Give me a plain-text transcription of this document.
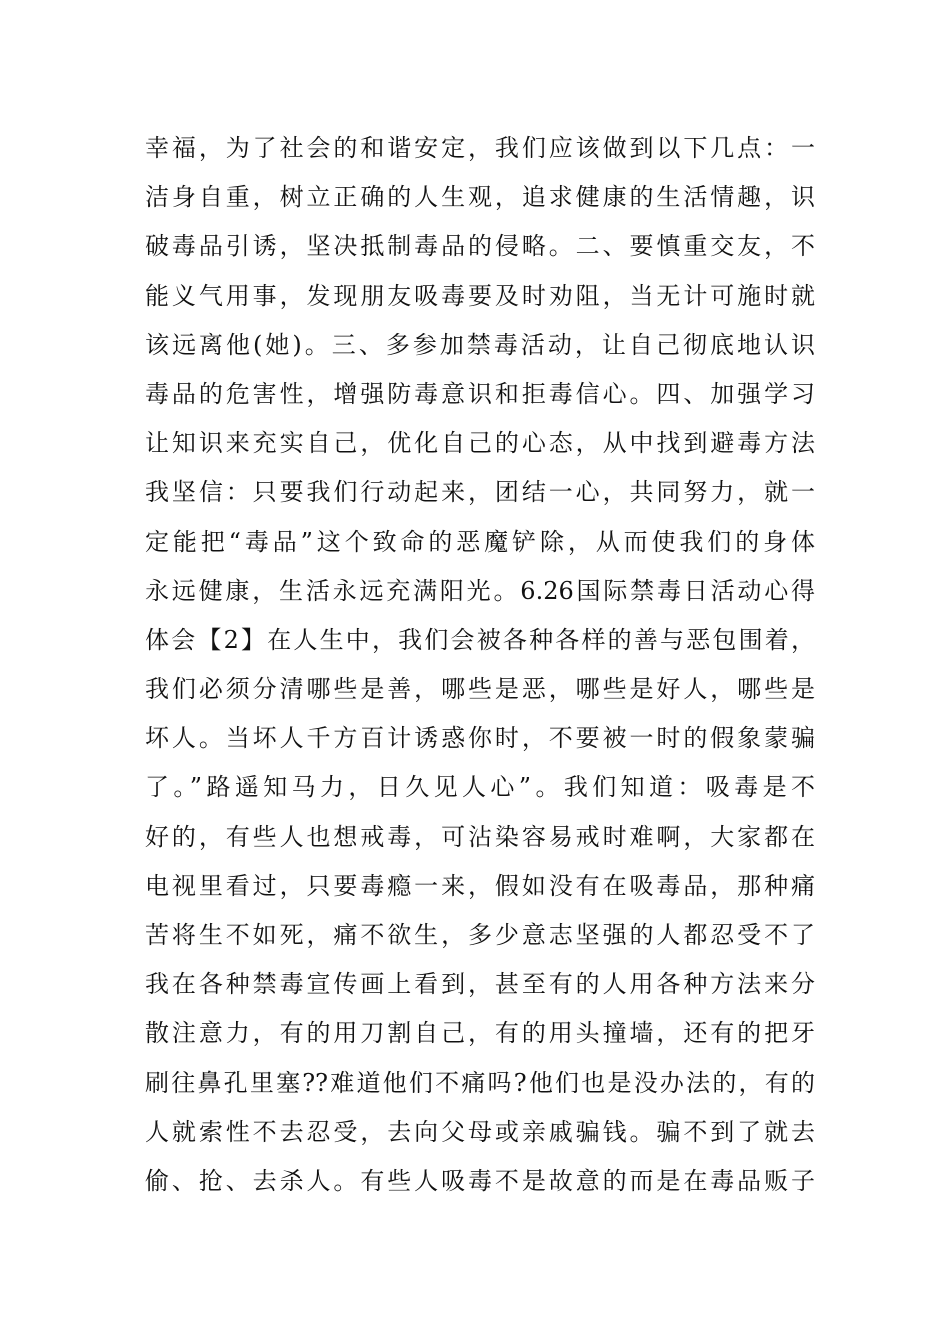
幸福，为了社会的和谐安定，我们应该做到以下几点：一
洁身自重，树立正确的人生观，追求健康的生活情趣，识
破毒品引诱，坚决抵制毒品的侵略。二、要慎重交友，不
能义气用事，发现朋友吸毒要及时劝阻，当无计可施时就
该远离他(她)。三、多参加禁毒活动，让自己彻底地认识
毒品的危害性，增强防毒意识和拒毒信心。四、加强学习
让知识来充实自己，优化自己的心态，从中找到避毒方法
我坚信：只要我们行动起来，团结一心，共同努力，就一
定能把“毒品”这个致命的恶魔铲除，从而使我们的身体
永远健康，生活永远充满阳光。6.26国际禁毒日活动心得
体会【2】在人生中，我们会被各种各样的善与恶包围着，
我们必须分清哪些是善，哪些是恶，哪些是好人，哪些是
坏人。当坏人千方百计诱惑你时，不要被一时的假象蒙骗
了。”路遥知马力，日久见人心”。我们知道：吸毒是不
好的，有些人也想戒毒，可沾染容易戒时难啊，大家都在
电视里看过，只要毒瘾一来，假如没有在吸毒品，那种痛
苦将生不如死，痛不欲生，多少意志坚强的人都忍受不了
我在各种禁毒宣传画上看到，甚至有的人用各种方法来分
散注意力，有的用刀割自己，有的用头撞墙，还有的把牙
刷往鼻孔里塞??难道他们不痛吗?他们也是没办法的，有的
人就索性不去忍受，去向父母或亲戚骗钱。骗不到了就去
偷、抢、去杀人。有些人吸毒不是故意的而是在毒品贩子
